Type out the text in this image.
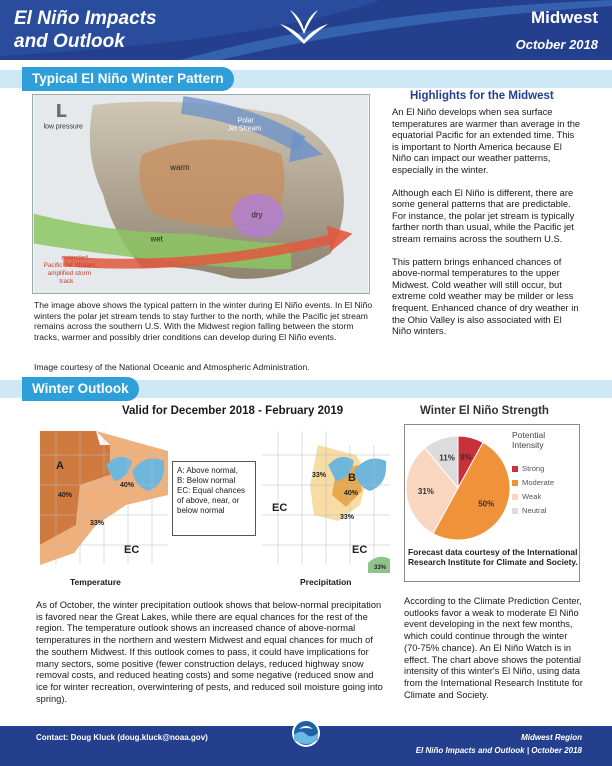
El Niño Impacts
and Outlook
Midwest
October 2018
Typical El Niño Winter Pattern
L
low pressure
Polar Jet Stream
warm
dry
wet
extended Pacific Jet Stream, amplified storm track
The image above shows the typical pattern in the winter during El Niño events. In El Niño winters the polar jet stream tends to stay further to the north, while the Pacific jet stream remains across the southern U.S. With the Midwest region falling between the storm tracks, warmer and possibly drier conditions can develop during El Niño events.
Image courtesy of the National Oceanic and Atmospheric Administration.
Highlights for the Midwest

An El Niño develops when sea surface temperatures are warmer than average in the equatorial Pacific for an extended time. This is important to North America because El Niño can impact our weather patterns, especially in the winter.

Although each El Niño is different, there are some general patterns that are predictable. For instance, the polar jet stream is typically farther north than usual, while the Pacific jet stream remains across the southern U.S.

This pattern brings enhanced chances of above-normal temperatures to the upper Midwest. Cold weather will still occur, but extreme cold weather may be milder or less frequent. Enhanced chance of dry weather in the Ohio Valley is also associated with El Niño winters.

Winter Outlook
Valid for December 2018 - February 2019
A
40%
40%
33%
EC
Temperature
A: Above normal,
B: Below normal
EC: Equal chances
of above, near, or
below normal
B
33%
40%
33%
EC
EC
33%
Precipitation
Winter El Niño Strength
8%
50%
31%
11%
Potential Intensity
Strong
Moderate
Weak
Neutral
Forecast data courtesy of the International Research Institute for Climate and Society.
As of October, the winter precipitation outlook shows that below-normal precipitation is favored near the Great Lakes, while there are equal chances for the rest of the region. The temperature outlook shows an increased chance of above-normal temperatures in the northern and western Midwest and equal chances for much of the southern Midwest. If this outlook comes to pass, it could have implications for many sectors, some positive (fewer construction delays, reduced highway snow removal costs, and reduced heating costs) and some negative (reduced snow and ice for winter recreation, overwintering of pests, and reduced soil moisture going into spring).
According to the Climate Prediction Center, outlooks favor a weak to moderate El Niño event developing in the next few months, which could continue through the winter (70-75% chance). An El Niño Watch is in effect. The chart above shows the potential intensity of this winter's El Niño, using data from the International Research Institute for Climate and Society.
Contact: Doug Kluck (doug.kluck@noaa.gov)	Midwest Region
El Niño Impacts and Outlook | October 2018
